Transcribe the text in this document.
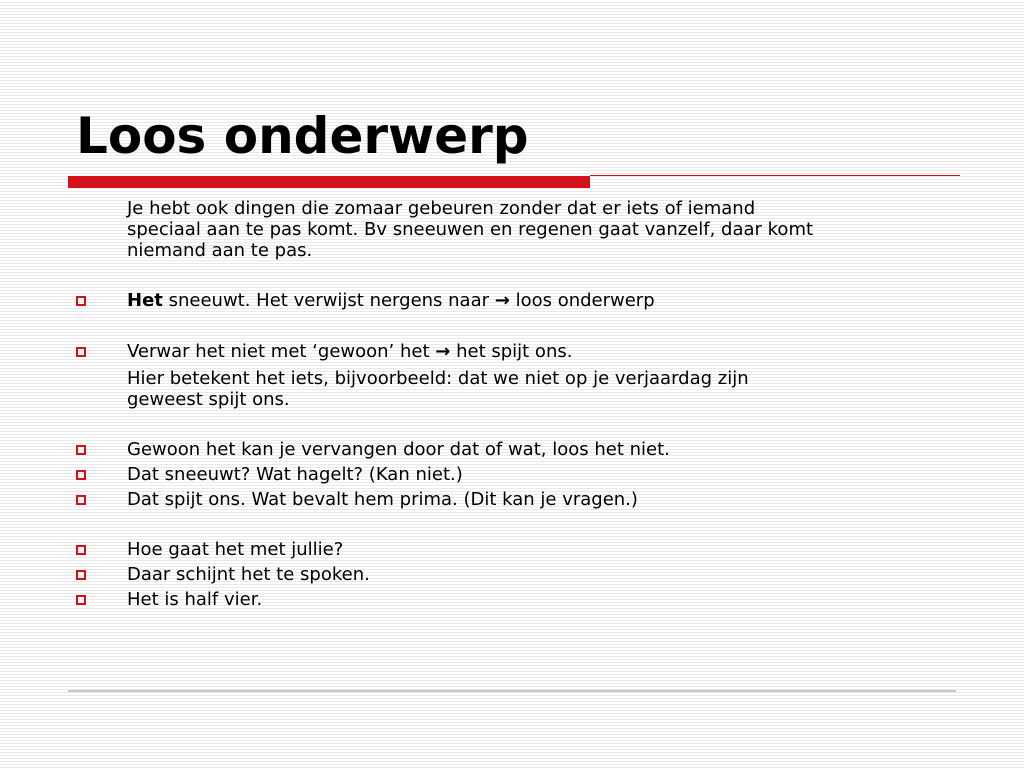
Loos onderwerp
Je hebt ook dingen die zomaar gebeuren zonder dat er iets of iemand
speciaal aan te pas komt. Bv sneeuwen en regenen gaat vanzelf, daar komt
niemand aan te pas.
Het sneeuwt. Het verwijst nergens naar → loos onderwerp
Verwar het niet met ‘gewoon’ het → het spijt ons.
Hier betekent het iets, bijvoorbeeld: dat we niet op je verjaardag zijn
geweest spijt ons.
Gewoon het kan je vervangen door dat of wat, loos het niet.
Dat sneeuwt? Wat hagelt? (Kan niet.)
Dat spijt ons. Wat bevalt hem prima. (Dit kan je vragen.)
Hoe gaat het met jullie?
Daar schijnt het te spoken.
Het is half vier.
